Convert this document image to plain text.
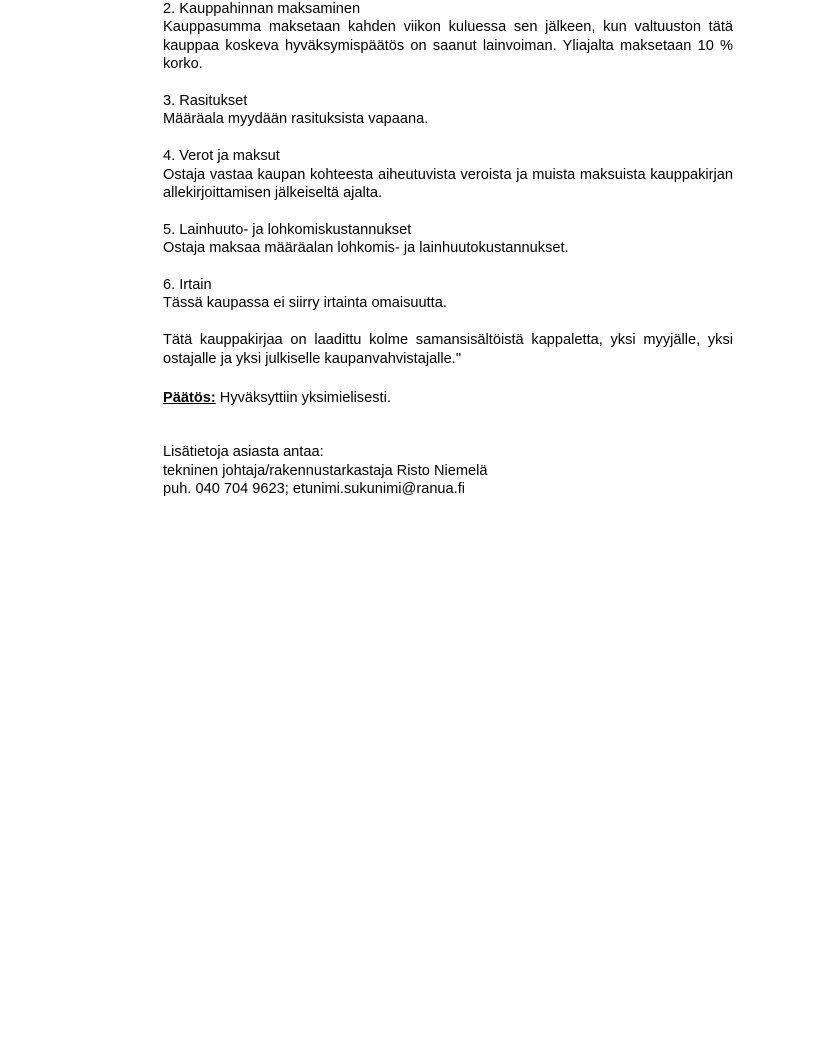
2. Kauppahinnan maksaminen
Kauppasumma maksetaan kahden viikon kuluessa sen jälkeen, kun valtuuston tätä kauppaa koskeva hyväksymispäätös on saanut lainvoiman. Yliajalta maksetaan 10 % korko.
3. Rasitukset
Määräala myydään rasituksista vapaana.
4. Verot ja maksut
Ostaja vastaa kaupan kohteesta aiheutuvista veroista ja muista maksuista kauppakirjan allekirjoittamisen jälkeiseltä ajalta.
5. Lainhuuto- ja lohkomiskustannukset
Ostaja maksaa määräalan lohkomis- ja lainhuutokustannukset.
6. Irtain
Tässä kaupassa ei siirry irtainta omaisuutta.
Tätä kauppakirjaa on laadittu kolme samansisältöistä kappaletta, yksi myyjälle, yksi ostajalle ja yksi julkiselle kaupanvahvistajalle."
Päätös: Hyväksyttiin yksimielisesti.
Lisätietoja asiasta antaa:
tekninen johtaja/rakennustarkastaja Risto Niemelä
puh. 040 704 9623; etunimi.sukunimi@ranua.fi
